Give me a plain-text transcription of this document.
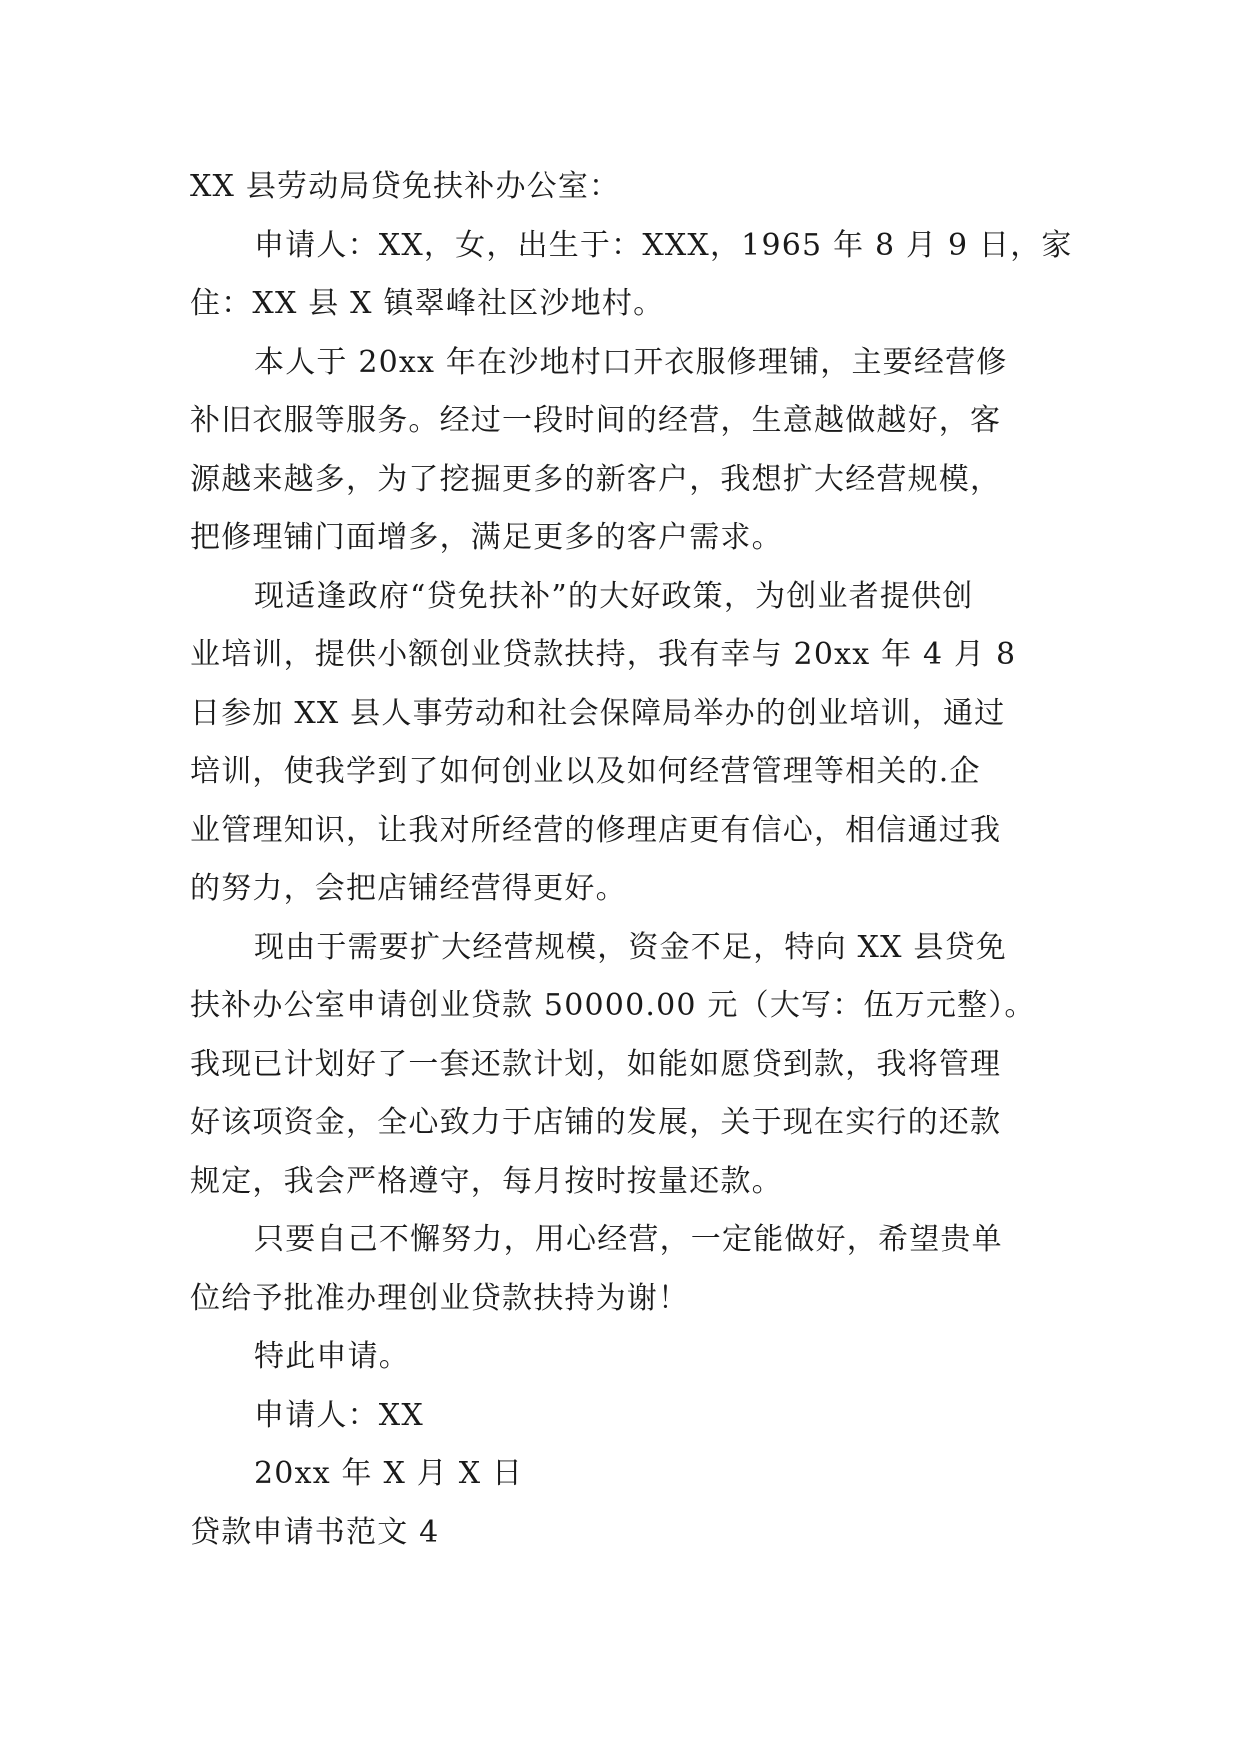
XX 县劳动局贷免扶补办公室：

申请人：XX，女，出生于：XXX，1965 年 8 月 9 日，家

住：XX 县 X 镇翠峰社区沙地村。

本人于 20xx 年在沙地村口开衣服修理铺，主要经营修

补旧衣服等服务。经过一段时间的经营，生意越做越好，客

源越来越多，为了挖掘更多的新客户，我想扩大经营规模，

把修理铺门面增多，满足更多的客户需求。

现适逢政府“贷免扶补”的大好政策，为创业者提供创

业培训，提供小额创业贷款扶持，我有幸与 20xx 年 4 月 8

日参加 XX 县人事劳动和社会保障局举办的创业培训，通过

培训，使我学到了如何创业以及如何经营管理等相关的.企

业管理知识，让我对所经营的修理店更有信心，相信通过我

的努力，会把店铺经营得更好。

现由于需要扩大经营规模，资金不足，特向 XX 县贷免

扶补办公室申请创业贷款 50000.00 元（大写：伍万元整）。

我现已计划好了一套还款计划，如能如愿贷到款，我将管理

好该项资金，全心致力于店铺的发展，关于现在实行的还款

规定，我会严格遵守，每月按时按量还款。

只要自己不懈努力，用心经营，一定能做好，希望贵单

位给予批准办理创业贷款扶持为谢！

特此申请。

申请人：XX

20xx 年 X 月 X 日

贷款申请书范文 4
